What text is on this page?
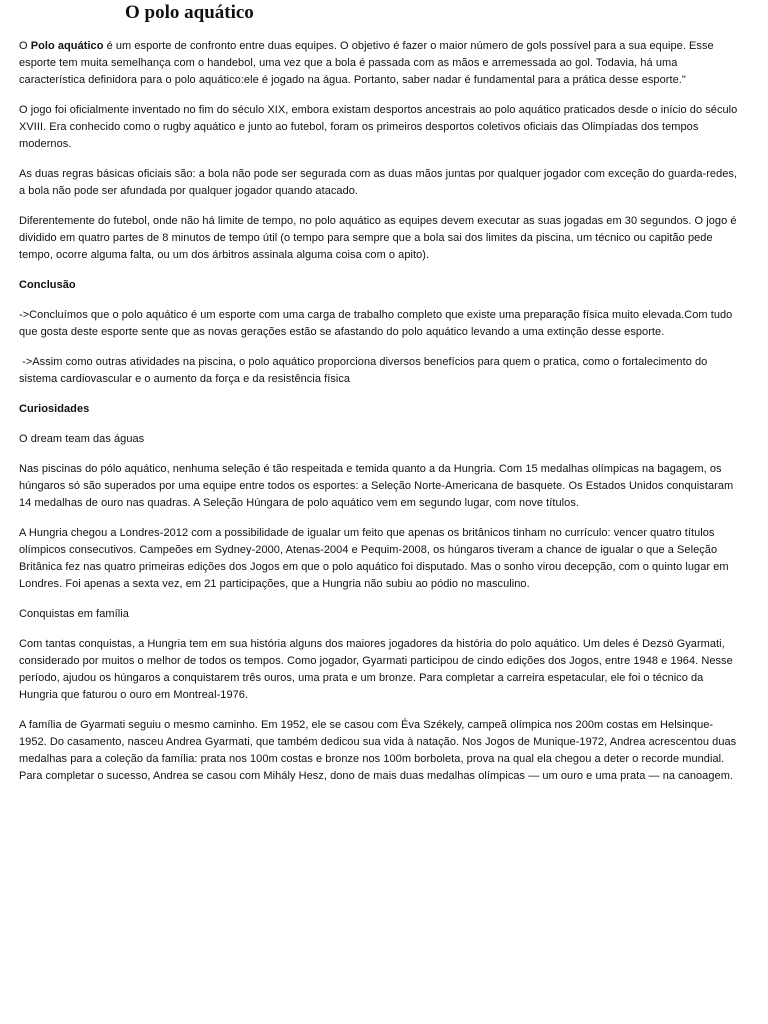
O polo aquático

O Polo aquático é um esporte de confronto entre duas equipes. O objetivo é fazer o maior número de gols possível para a sua equipe. Esse esporte tem muita semelhança com o handebol, uma vez que a bola é passada com as mãos e arremessada ao gol. Todavia, há uma característica definidora para o polo aquático:ele é jogado na água. Portanto, saber nadar é fundamental para a prática desse esporte."

O jogo foi oficialmente inventado no fim do século XIX, embora existam desportos ancestrais ao polo aquático praticados desde o início do século XVIII. Era conhecido como o rugby aquático e junto ao futebol, foram os primeiros desportos coletivos oficiais das Olimpíadas dos tempos modernos.

As duas regras básicas oficiais são: a bola não pode ser segurada com as duas mãos juntas por qualquer jogador com exceção do guarda-redes, a bola não pode ser afundada por qualquer jogador quando atacado.

Diferentemente do futebol, onde não há limite de tempo, no polo aquático as equipes devem executar as suas jogadas em 30 segundos. O jogo é dividido em quatro partes de 8 minutos de tempo útil (o tempo para sempre que a bola sai dos limites da piscina, um técnico ou capitão pede tempo, ocorre alguma falta, ou um dos árbitros assinala alguma coisa com o apito).

Conclusão

->Concluímos que o polo aquático é um esporte com uma carga de trabalho completo que existe uma preparação física muito elevada.Com tudo que gosta deste esporte sente que as novas gerações estão se afastando do polo aquático levando a uma extinção desse esporte.

->Assim como outras atividades na piscina, o polo aquático proporciona diversos benefícios para quem o pratica, como o fortalecimento do sistema cardiovascular e o aumento da força e da resistência física

Curiosidades

O dream team das águas

Nas piscinas do pólo aquático, nenhuma seleção é tão respeitada e temida quanto a da Hungria. Com 15 medalhas olímpicas na bagagem, os húngaros só são superados por uma equipe entre todos os esportes: a Seleção Norte-Americana de basquete. Os Estados Unidos conquistaram 14 medalhas de ouro nas quadras. A Seleção Húngara de polo aquático vem em segundo lugar, com nove títulos.

A Hungria chegou a Londres-2012 com a possibilidade de igualar um feito que apenas os britânicos tinham no currículo: vencer quatro títulos olímpicos consecutivos. Campeões em Sydney-2000, Atenas-2004 e Pequim-2008, os húngaros tiveram a chance de igualar o que a Seleção Britânica fez nas quatro primeiras edições dos Jogos em que o polo aquático foi disputado. Mas o sonho virou decepção, com o quinto lugar em Londres. Foi apenas a sexta vez, em 21 participações, que a Hungria não subiu ao pódio no masculino.

Conquistas em família

Com tantas conquistas, a Hungria tem em sua história alguns dos maiores jogadores da história do polo aquático. Um deles é Dezsö Gyarmati, considerado por muitos o melhor de todos os tempos. Como jogador, Gyarmati participou de cindo edições dos Jogos, entre 1948 e 1964. Nesse período, ajudou os húngaros a conquistarem três ouros, uma prata e um bronze. Para completar a carreira espetacular, ele foi o técnico da Hungria que faturou o ouro em Montreal-1976.

A família de Gyarmati seguiu o mesmo caminho. Em 1952, ele se casou com Éva Székely, campeã olímpica nos 200m costas em Helsinque-1952. Do casamento, nasceu Andrea Gyarmati, que também dedicou sua vida à natação. Nos Jogos de Munique-1972, Andrea acrescentou duas medalhas para a coleção da família: prata nos 100m costas e bronze nos 100m borboleta, prova na qual ela chegou a deter o recorde mundial. Para completar o sucesso, Andrea se casou com Mihály Hesz, dono de mais duas medalhas olímpicas — um ouro e uma prata — na canoagem.
